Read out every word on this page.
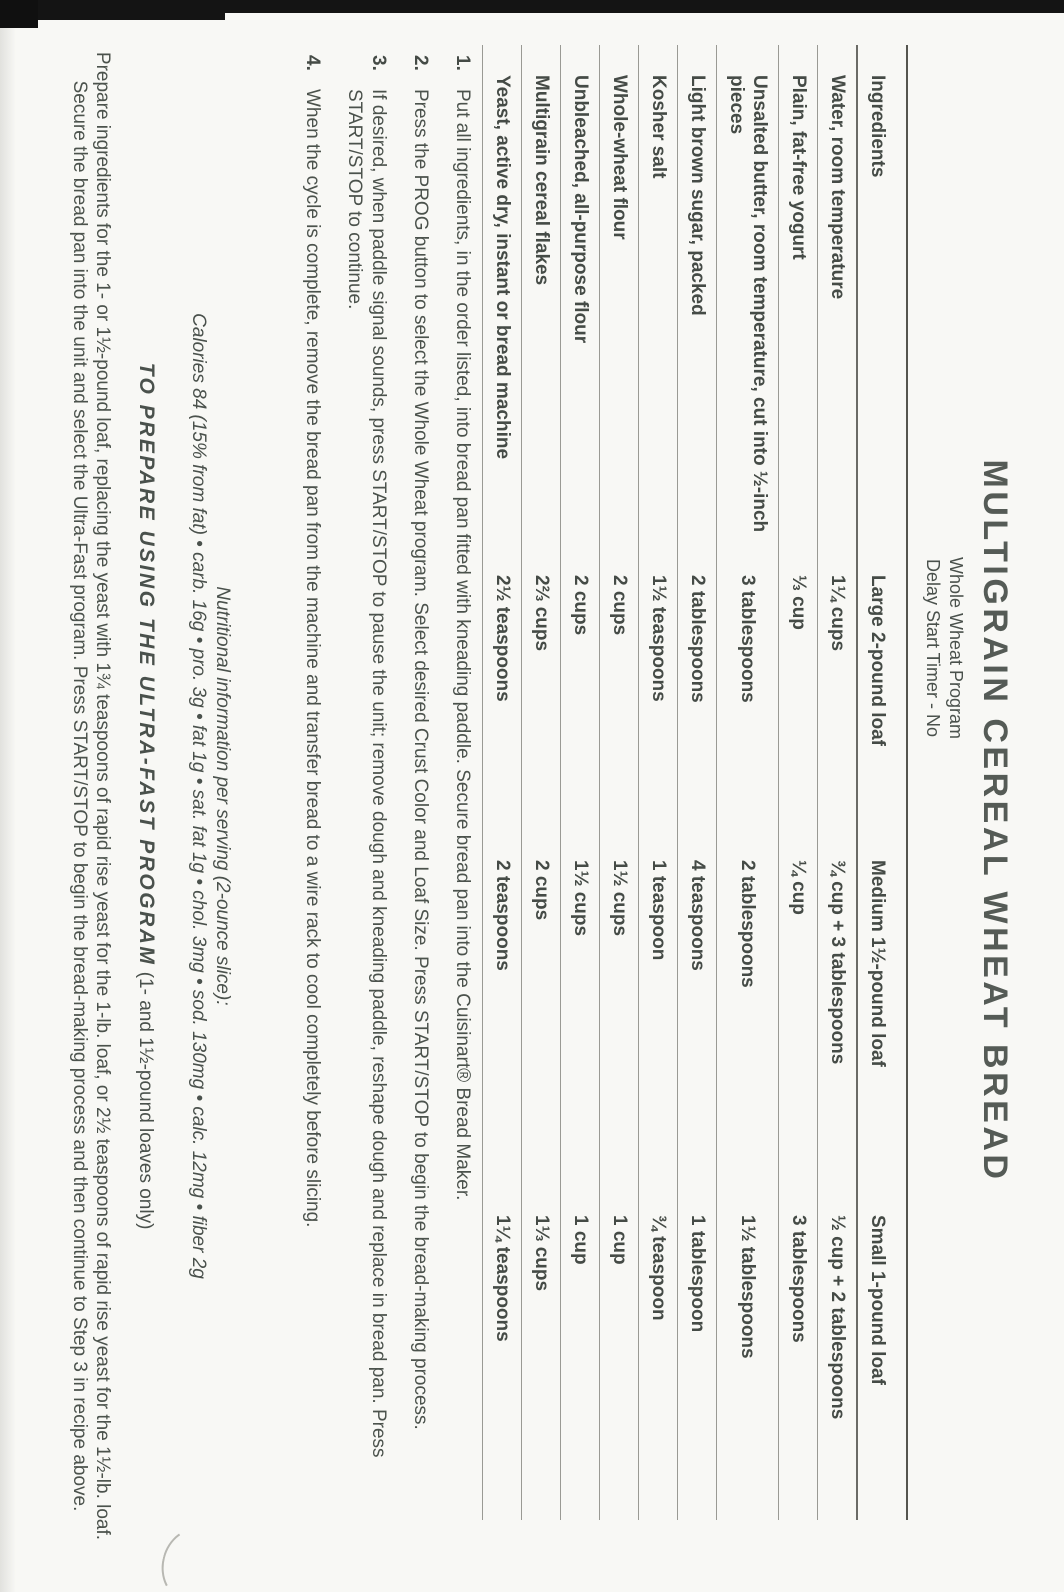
MULTIGRAIN CEREAL WHEAT BREAD
Whole Wheat Program
Delay Start Timer - No
Ingredients	Large 2-pound loaf	Medium 1½-pound loaf	Small 1-pound loaf
Water, room temperature	1¼ cups	¾ cup + 3 tablespoons	½ cup + 2 tablespoons
Plain, fat-free yogurt	⅓ cup	¼ cup	3 tablespoons
Unsalted butter, room temperature, cut into ½-inch pieces	3 tablespoons	2 tablespoons	1½ tablespoons
Light brown sugar, packed	2 tablespoons	4 teaspoons	1 tablespoon
Kosher salt	1½ teaspoons	1 teaspoon	¾ teaspoon
Whole-wheat flour	2 cups	1½ cups	1 cup
Unbleached, all-purpose flour	2 cups	1½ cups	1 cup
Multigrain cereal flakes	2⅔ cups	2 cups	1⅓ cups
Yeast, active dry, instant or bread machine	2½ teaspoons	2 teaspoons	1¼ teaspoons
1.
Put all ingredients, in the order listed, into bread pan fitted with kneading paddle. Secure bread pan into the Cuisinart® Bread Maker.
2.
Press the PROG button to select the Whole Wheat program. Select desired Crust Color and Loaf Size. Press START/STOP to begin the bread-making process.
3.
If desired, when paddle signal sounds, press START/STOP to pause the unit; remove dough and kneading paddle, reshape dough and replace in bread pan. Press START/STOP to continue.
4.
When the cycle is complete, remove the bread pan from the machine and transfer bread to a wire rack to cool completely before slicing.
Nutritional information per serving (2-ounce slice):
Calories 84 (15% from fat) • carb. 16g • pro. 3g • fat 1g • sat. fat 1g • chol. 3mg • sod. 130mg • calc. 12mg • fiber 2g
TO PREPARE USING THE ULTRA-FAST PROGRAM (1- and 1½-pound loaves only)
Prepare ingredients for the 1- or 1½-pound loaf, replacing the yeast with 1¾ teaspoons of rapid rise yeast for the 1-lb. loaf, or 2½ teaspoons of rapid rise yeast for the 1½-lb. loaf. Secure the bread pan into the unit and select the Ultra-Fast program. Press START/STOP to begin the bread-making process and then continue to Step 3 in recipe above.
